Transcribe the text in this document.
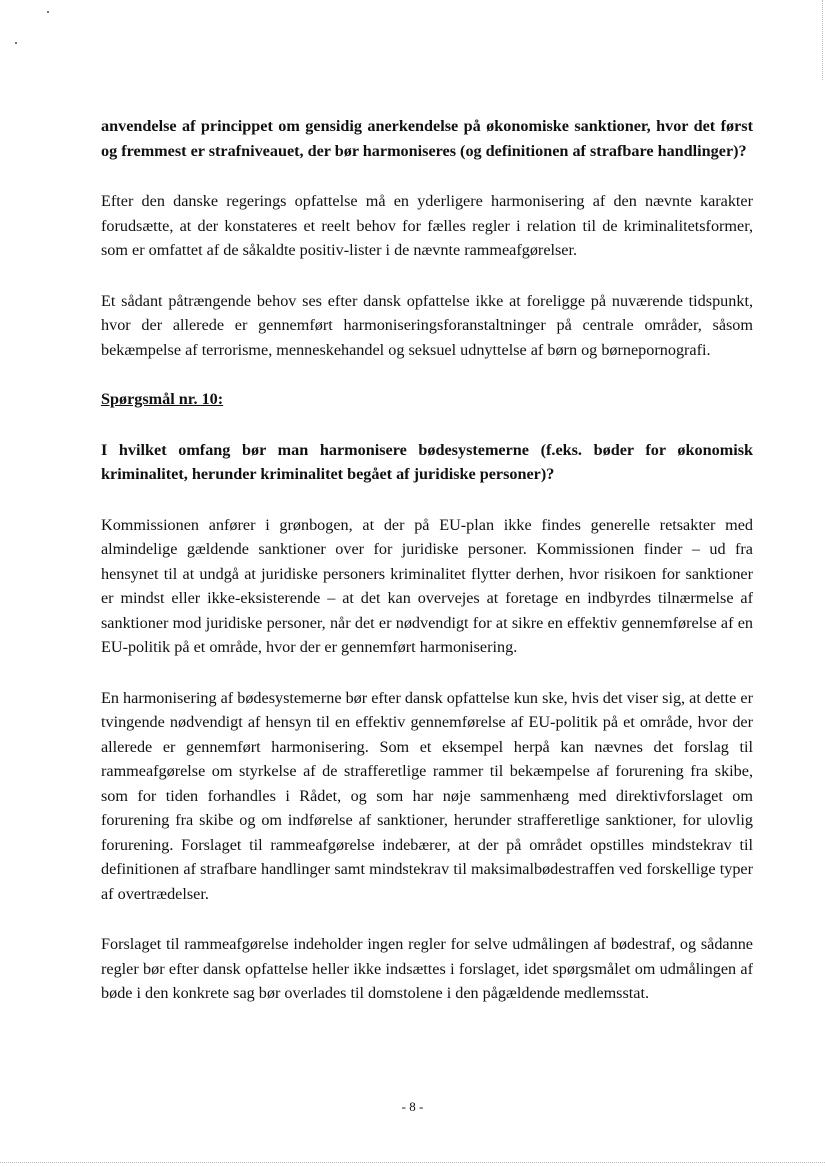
anvendelse af princippet om gensidig anerkendelse på økonomiske sanktioner, hvor det først og fremmest er strafniveauet, der bør harmoniseres (og definitionen af strafbare handlinger)?

Efter den danske regerings opfattelse må en yderligere harmonisering af den nævnte karakter forudsætte, at der konstateres et reelt behov for fælles regler i relation til de kriminalitetsformer, som er omfattet af de såkaldte positiv-lister i de nævnte rammeafgørelser.

Et sådant påtrængende behov ses efter dansk opfattelse ikke at foreligge på nuværende tidspunkt, hvor der allerede er gennemført harmoniseringsforanstaltninger på centrale områder, såsom bekæmpelse af terrorisme, menneskehandel og seksuel udnyttelse af børn og børnepornografi.

Spørgsmål nr. 10:

I hvilket omfang bør man harmonisere bødesystemerne (f.eks. bøder for økonomisk kriminalitet, herunder kriminalitet begået af juridiske personer)?

Kommissionen anfører i grønbogen, at der på EU-plan ikke findes generelle retsakter med almindelige gældende sanktioner over for juridiske personer. Kommissionen finder – ud fra hensynet til at undgå at juridiske personers kriminalitet flytter derhen, hvor risikoen for sanktioner er mindst eller ikke-eksisterende – at det kan overvejes at foretage en indbyrdes tilnærmelse af sanktioner mod juridiske personer, når det er nødvendigt for at sikre en effektiv gennemførelse af en EU-politik på et område, hvor der er gennemført harmonisering.

En harmonisering af bødesystemerne bør efter dansk opfattelse kun ske, hvis det viser sig, at dette er tvingende nødvendigt af hensyn til en effektiv gennemførelse af EU-politik på et område, hvor der allerede er gennemført harmonisering. Som et eksempel herpå kan nævnes det forslag til rammeafgørelse om styrkelse af de strafferetlige rammer til bekæmpelse af forurening fra skibe, som for tiden forhandles i Rådet, og som har nøje sammenhæng med direktivforslaget om forurening fra skibe og om indførelse af sanktioner, herunder strafferetlige sanktioner, for ulovlig forurening. Forslaget til rammeafgørelse indebærer, at der på området opstilles mindstekrav til definitionen af strafbare handlinger samt mindstekrav til maksimalbødestraffen ved forskellige typer af overtrædelser.

Forslaget til rammeafgørelse indeholder ingen regler for selve udmålingen af bødestraf, og sådanne regler bør efter dansk opfattelse heller ikke indsættes i forslaget, idet spørgsmålet om udmålingen af bøde i den konkrete sag bør overlades til domstolene i den pågældende medlemsstat.

- 8 -
